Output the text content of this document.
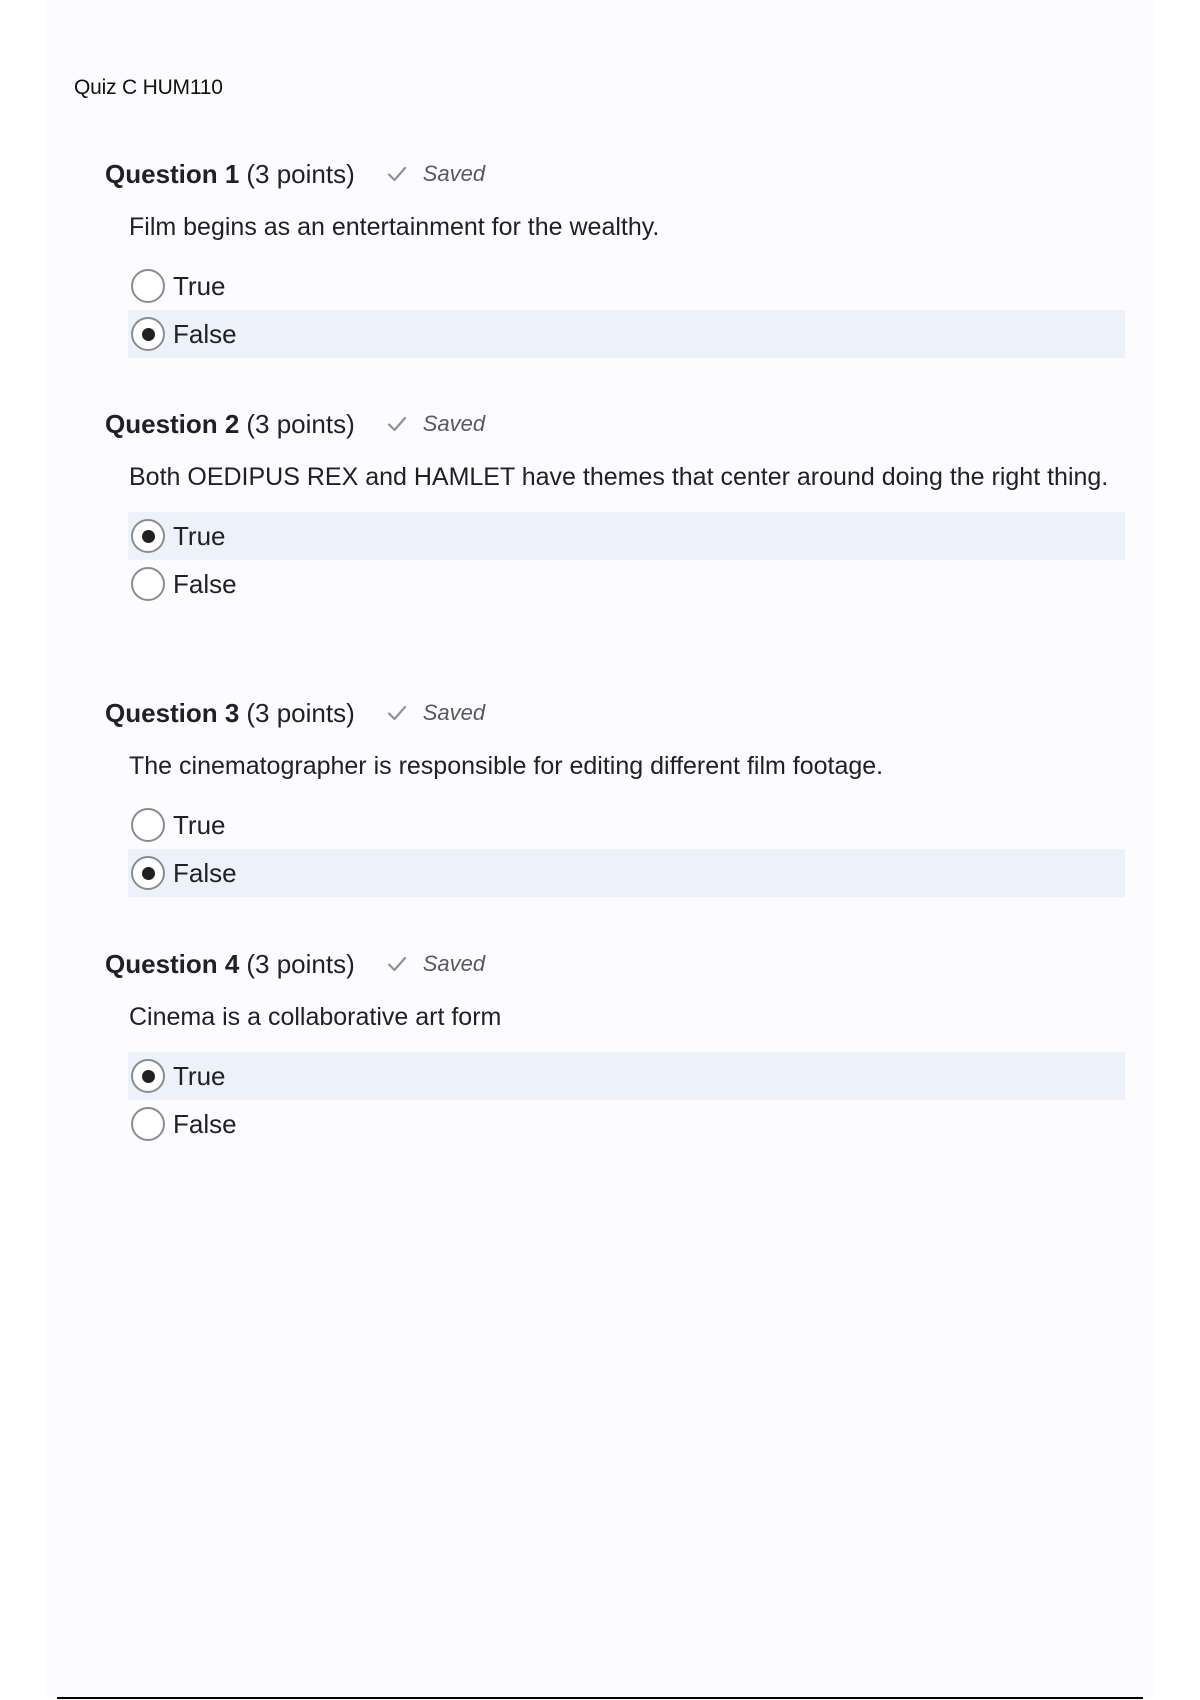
Quiz C HUM110
Question 1 (3 points)	Saved
Film begins as an entertainment for the wealthy.
True
False
Question 2 (3 points)	Saved
Both OEDIPUS REX and HAMLET have themes that center around doing the right thing.
True
False
Question 3 (3 points)	Saved
The cinematographer is responsible for editing different film footage.
True
False
Question 4 (3 points)	Saved
Cinema is a collaborative art form
True
False
